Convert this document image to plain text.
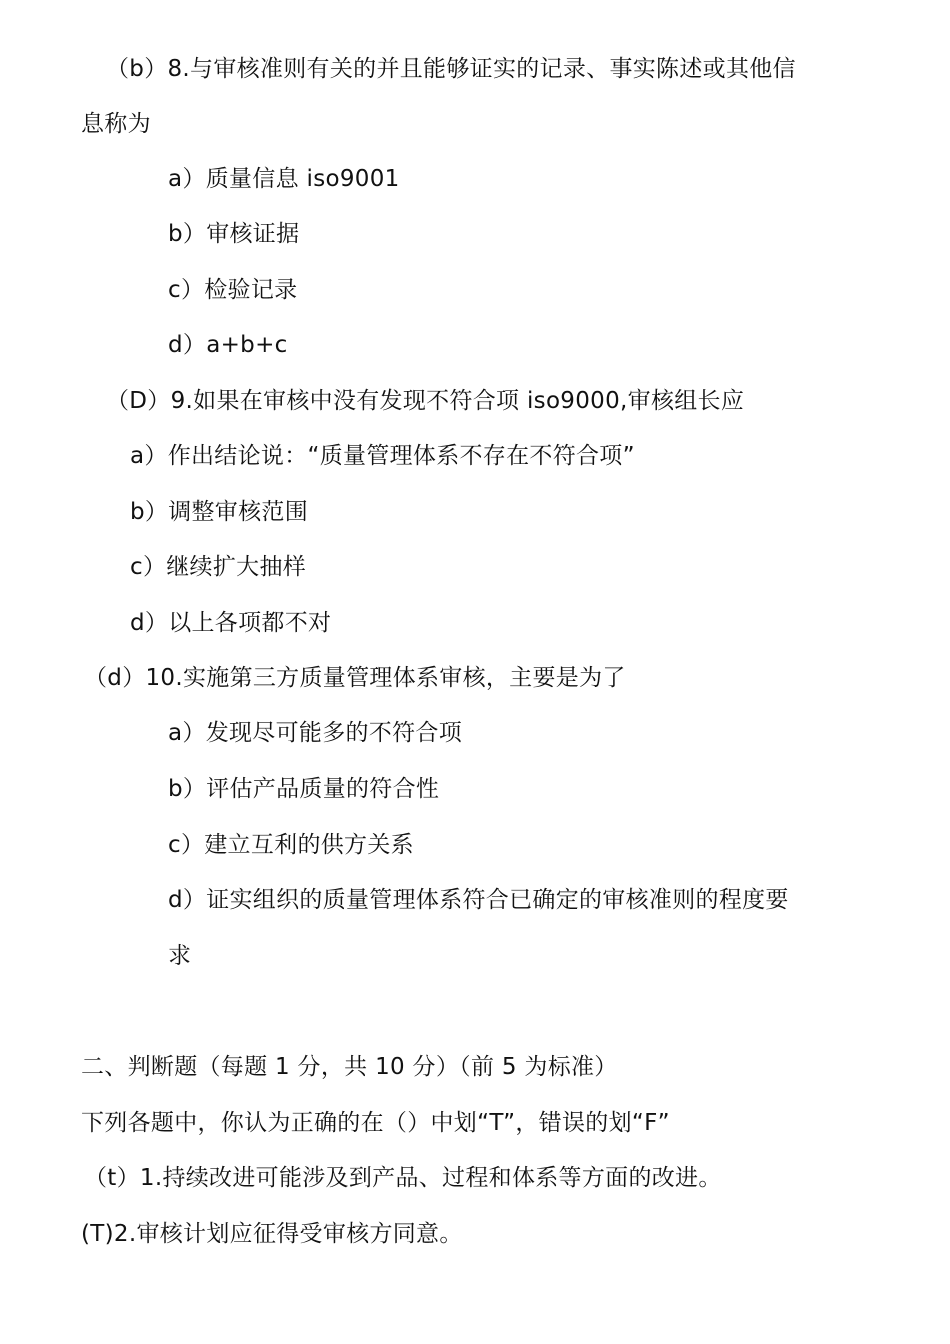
（b）8.与审核准则有关的并且能够证实的记录、事实陈述或其他信
息称为
a）质量信息 iso9001
b）审核证据
c）检验记录
d）a+b+c
（D）9.如果在审核中没有发现不符合项 iso9000,审核组长应
a）作出结论说：“质量管理体系不存在不符合项”
b）调整审核范围
c）继续扩大抽样
d）以上各项都不对
（d）10.实施第三方质量管理体系审核，主要是为了
a）发现尽可能多的不符合项
b）评估产品质量的符合性
c）建立互利的供方关系
d）证实组织的质量管理体系符合已确定的审核准则的程度要
求
二、判断题（每题 1 分，共 10 分）（前 5 为标准）
下列各题中，你认为正确的在（）中划“T”，错误的划“F”
（t）1.持续改进可能涉及到产品、过程和体系等方面的改进。
(T)2.审核计划应征得受审核方同意。
